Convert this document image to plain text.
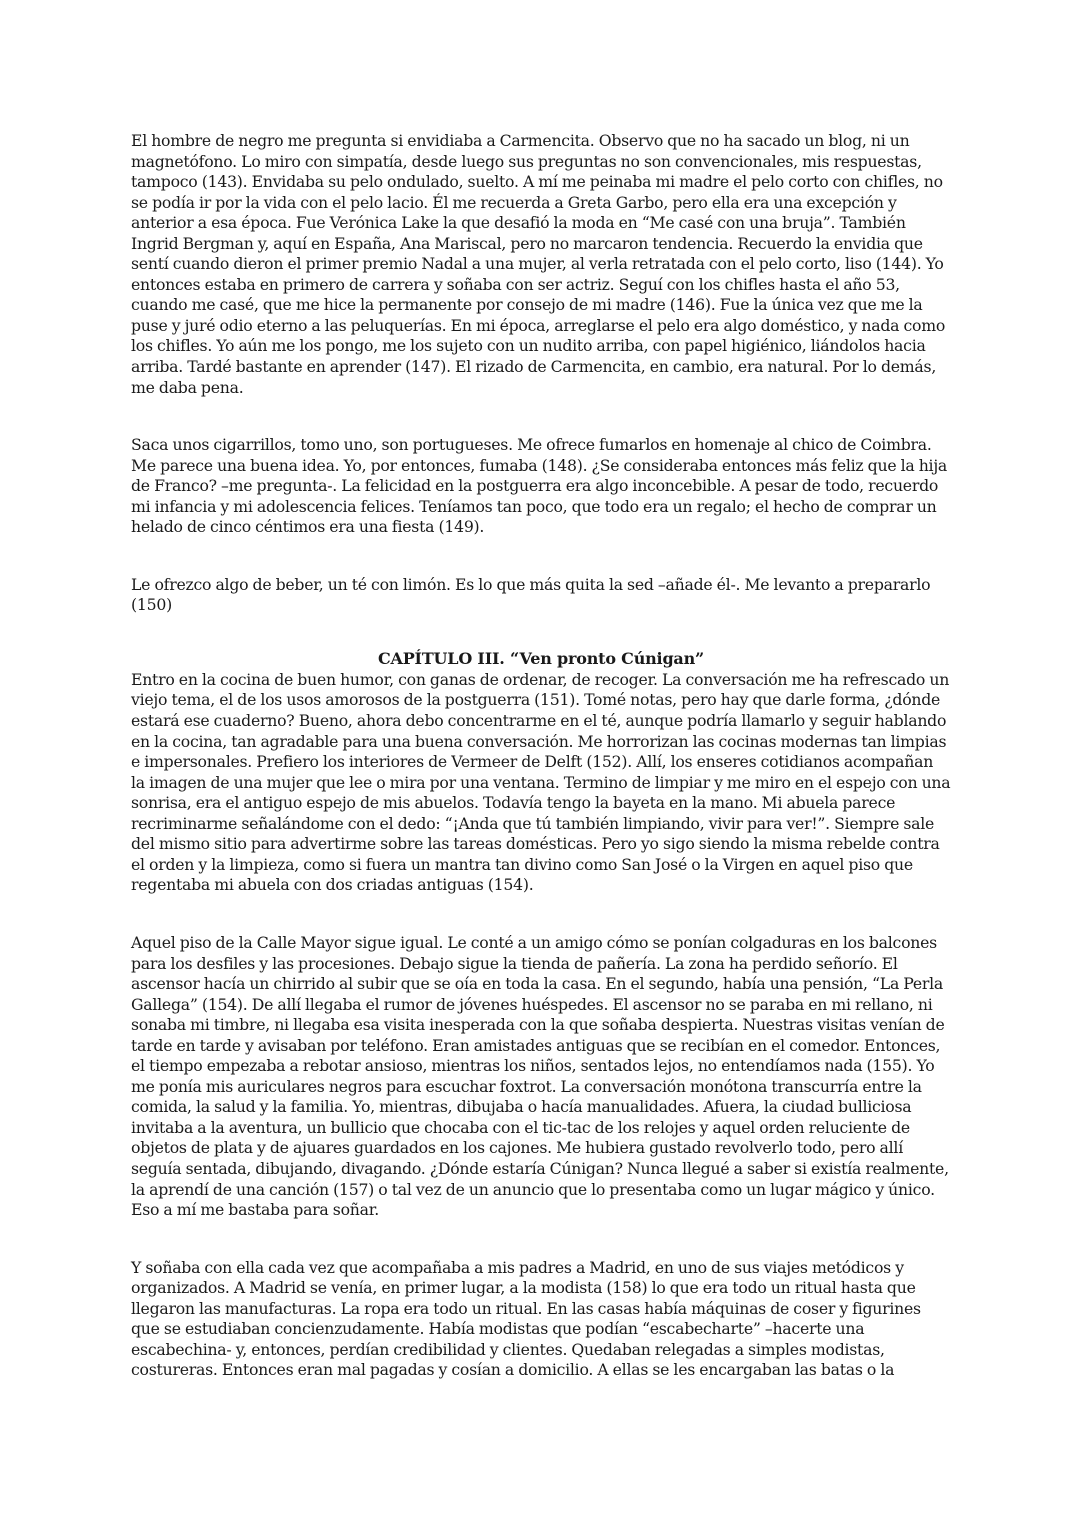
El hombre de negro me pregunta si envidiaba a Carmencita. Observo que no ha sacado un blog, ni un magnetófono. Lo miro con simpatía, desde luego sus preguntas no son convencionales, mis respuestas, tampoco (143). Envidaba su pelo ondulado, suelto. A mí me peinaba mi madre el pelo corto con chifles, no se podía ir por la vida con el pelo lacio. Él me recuerda a Greta Garbo, pero ella era una excepción y anterior a esa época. Fue Verónica Lake la que desafió la moda en “Me casé con una bruja”. También Ingrid Bergman y, aquí en España, Ana Mariscal, pero no marcaron tendencia. Recuerdo la envidia que sentí cuando dieron el primer premio Nadal a una mujer, al verla retratada con el pelo corto, liso (144). Yo entonces estaba en primero de carrera y soñaba con ser actriz. Seguí con los chifles hasta el año 53, cuando me casé, que me hice la permanente por consejo de mi madre (146). Fue la única vez que me la puse y juré odio eterno a las peluquerías. En mi época, arreglarse el pelo era algo doméstico, y nada como los chifles. Yo aún me los pongo, me los sujeto con un nudito arriba, con papel higiénico, liándolos hacia arriba. Tardé bastante en aprender (147). El rizado de Carmencita, en cambio, era natural. Por lo demás, me daba pena.

Saca unos cigarrillos, tomo uno, son portugueses. Me ofrece fumarlos en homenaje al chico de Coimbra. Me parece una buena idea. Yo, por entonces, fumaba (148). ¿Se consideraba entonces más feliz que la hija de Franco? –me pregunta-. La felicidad en la postguerra era algo inconcebible. A pesar de todo, recuerdo mi infancia y mi adolescencia felices. Teníamos tan poco, que todo era un regalo; el hecho de comprar un helado de cinco céntimos era una fiesta (149).

Le ofrezco algo de beber, un té con limón. Es lo que más quita la sed –añade él-. Me levanto a prepararlo (150)

CAPÍTULO III. “Ven pronto Cúnigan”

Entro en la cocina de buen humor, con ganas de ordenar, de recoger. La conversación me ha refrescado un viejo tema, el de los usos amorosos de la postguerra (151). Tomé notas, pero hay que darle forma, ¿dónde estará ese cuaderno? Bueno, ahora debo concentrarme en el té, aunque podría llamarlo y seguir hablando en la cocina, tan agradable para una buena conversación. Me horrorizan las cocinas modernas tan limpias e impersonales. Prefiero los interiores de Vermeer de Delft (152). Allí, los enseres cotidianos acompañan la imagen de una mujer que lee o mira por una ventana. Termino de limpiar y me miro en el espejo con una sonrisa, era el antiguo espejo de mis abuelos. Todavía tengo la bayeta en la mano. Mi abuela parece recriminarme señalándome con el dedo: “¡Anda que tú también limpiando, vivir para ver!”. Siempre sale del mismo sitio para advertirme sobre las tareas domésticas. Pero yo sigo siendo la misma rebelde contra el orden y la limpieza, como si fuera un mantra tan divino como San José o la Virgen en aquel piso que regentaba mi abuela con dos criadas antiguas (154).

Aquel piso de la Calle Mayor sigue igual. Le conté a un amigo cómo se ponían colgaduras en los balcones para los desfiles y las procesiones. Debajo sigue la tienda de pañería. La zona ha perdido señorío. El ascensor hacía un chirrido al subir que se oía en toda la casa. En el segundo, había una pensión, “La Perla Gallega” (154). De allí llegaba el rumor de jóvenes huéspedes. El ascensor no se paraba en mi rellano, ni sonaba mi timbre, ni llegaba esa visita inesperada con la que soñaba despierta. Nuestras visitas venían de tarde en tarde y avisaban por teléfono. Eran amistades antiguas que se recibían en el comedor. Entonces, el tiempo empezaba a rebotar ansioso, mientras los niños, sentados lejos, no entendíamos nada (155). Yo me ponía mis auriculares negros para escuchar foxtrot. La conversación monótona transcurría entre la comida, la salud y la familia. Yo, mientras, dibujaba o hacía manualidades. Afuera, la ciudad bulliciosa invitaba a la aventura, un bullicio que chocaba con el tic-tac de los relojes y aquel orden reluciente de objetos de plata y de ajuares guardados en los cajones. Me hubiera gustado revolverlo todo, pero allí seguía sentada, dibujando, divagando. ¿Dónde estaría Cúnigan? Nunca llegué a saber si existía realmente, la aprendí de una canción (157) o tal vez de un anuncio que lo presentaba como un lugar mágico y único. Eso a mí me bastaba para soñar.

Y soñaba con ella cada vez que acompañaba a mis padres a Madrid, en uno de sus viajes metódicos y organizados. A Madrid se venía, en primer lugar, a la modista (158) lo que era todo un ritual hasta que llegaron las manufacturas. La ropa era todo un ritual. En las casas había máquinas de coser y figurines que se estudiaban concienzudamente. Había modistas que podían “escabecharte” –hacerte una escabechina- y, entonces, perdían credibilidad y clientes. Quedaban relegadas a simples modistas, costureras. Entonces eran mal pagadas y cosían a domicilio. A ellas se les encargaban las batas o la
